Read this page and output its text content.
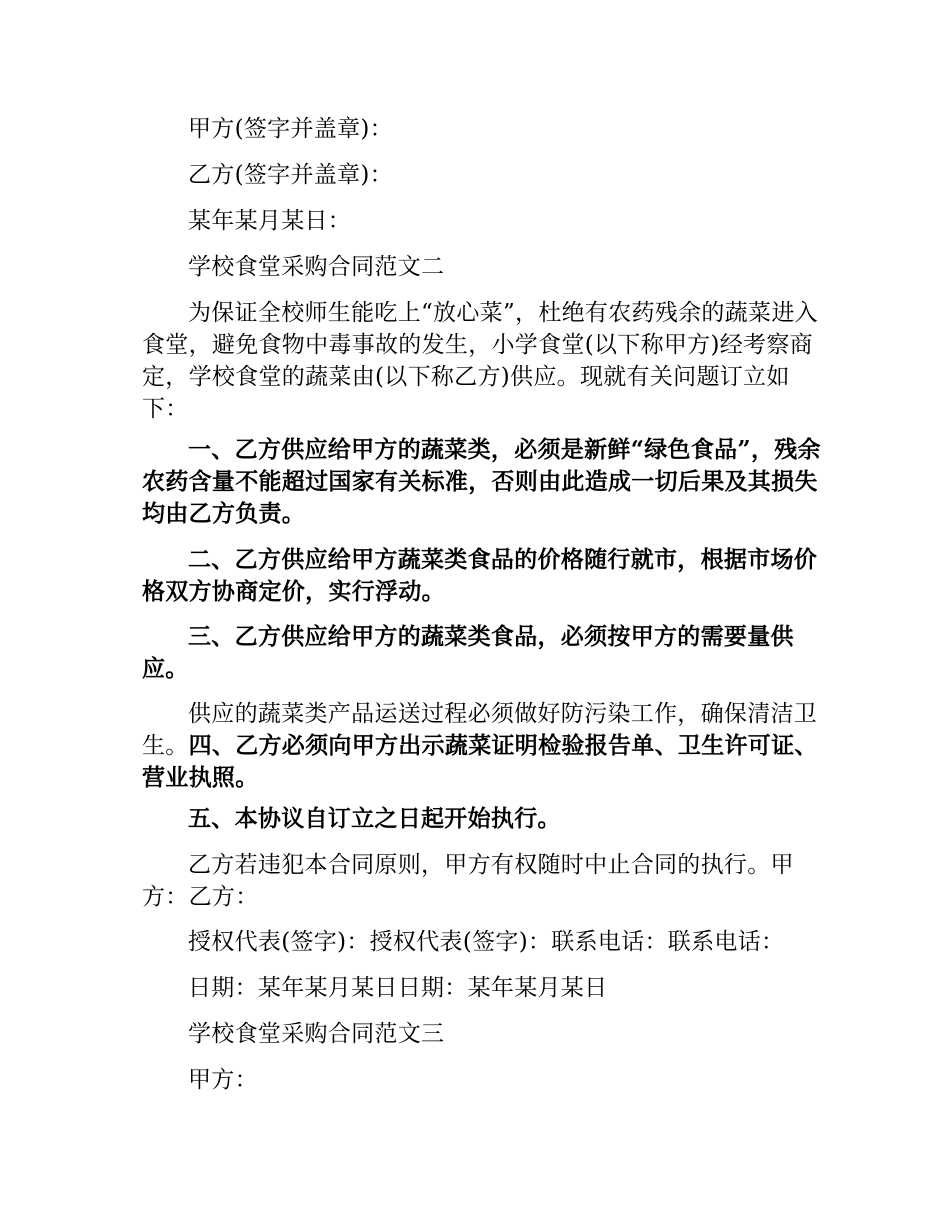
甲方(签字并盖章)：

乙方(签字并盖章)：

某年某月某日：

学校食堂采购合同范文二

为保证全校师生能吃上“放心菜”，杜绝有农药残余的蔬菜进入食堂，避免食物中毒事故的发生，小学食堂(以下称甲方)经考察商定，学校食堂的蔬菜由(以下称乙方)供应。现就有关问题订立如下：

一、乙方供应给甲方的蔬菜类，必须是新鲜“绿色食品”，残余农药含量不能超过国家有关标准，否则由此造成一切后果及其损失均由乙方负责。

二、乙方供应给甲方蔬菜类食品的价格随行就市，根据市场价格双方协商定价，实行浮动。

三、乙方供应给甲方的蔬菜类食品，必须按甲方的需要量供应。

供应的蔬菜类产品运送过程必须做好防污染工作，确保清洁卫生。四、乙方必须向甲方出示蔬菜证明检验报告单、卫生许可证、营业执照。

五、本协议自订立之日起开始执行。

乙方若违犯本合同原则，甲方有权随时中止合同的执行。甲方：乙方：

授权代表(签字)：授权代表(签字)：联系电话：联系电话：

日期：某年某月某日日期：某年某月某日

学校食堂采购合同范文三

甲方：
